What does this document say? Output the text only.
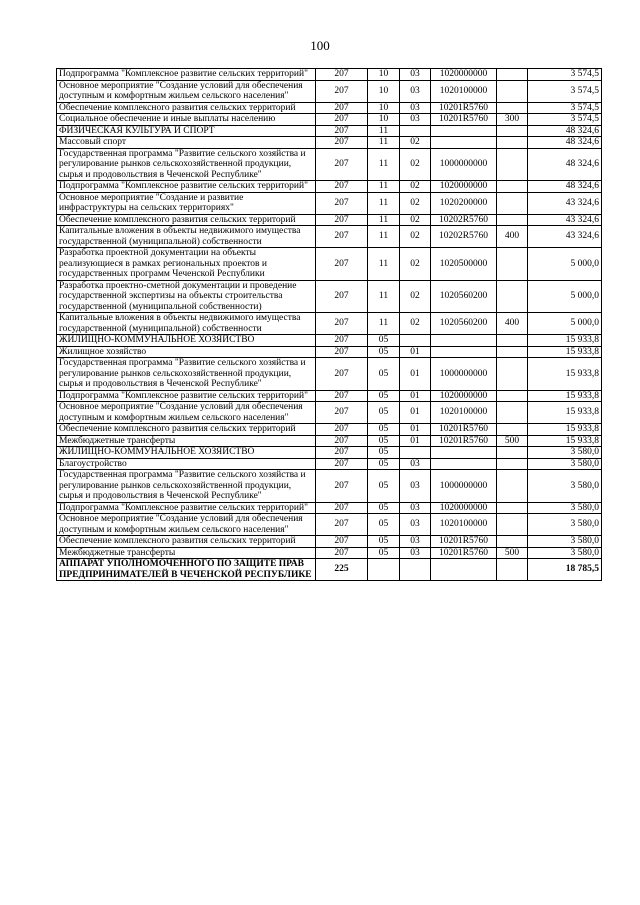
100
Подпрограмма "Комплексное развитие сельских территорий"	207	10	03	1020000000		3 574,5
Основное мероприятие "Создание условий для обеспечения доступным и комфортным жильем сельского населения"	207	10	03	1020100000		3 574,5
Обеспечение комплексного развития сельских территорий	207	10	03	10201R5760		3 574,5
Социальное обеспечение и иные выплаты населению	207	10	03	10201R5760	300	3 574,5
ФИЗИЧЕСКАЯ КУЛЬТУРА И СПОРТ	207	11				48 324,6
Массовый спорт	207	11	02			48 324,6
Государственная программа "Развитие сельского хозяйства и регулирование рынков сельскохозяйственной продукции, сырья и продовольствия в Чеченской Республике"	207	11	02	1000000000		48 324,6
Подпрограмма "Комплексное развитие сельских территорий"	207	11	02	1020000000		48 324,6
Основное мероприятие "Создание и развитие инфраструктуры на сельских территориях"	207	11	02	1020200000		43 324,6
Обеспечение комплексного развития сельских территорий	207	11	02	10202R5760		43 324,6
Капитальные вложения в объекты недвижимого имущества государственной (муниципальной) собственности	207	11	02	10202R5760	400	43 324,6
Разработка проектной документации на объекты реализующиеся в рамках региональных проектов и государственных программ Чеченской Республики	207	11	02	1020500000		5 000,0
Разработка проектно-сметной документации и проведение государственной экспертизы на объекты строительства государственной (муниципальной собственности)	207	11	02	1020560200		5 000,0
Капитальные вложения в объекты недвижимого имущества государственной (муниципальной) собственности	207	11	02	1020560200	400	5 000,0
ЖИЛИЩНО-КОММУНАЛЬНОЕ ХОЗЯЙСТВО	207	05				15 933,8
Жилищное хозяйство	207	05	01			15 933,8
Государственная программа "Развитие сельского хозяйства и регулирование рынков сельскохозяйственной продукции, сырья и продовольствия в Чеченской Республике"	207	05	01	1000000000		15 933,8
Подпрограмма "Комплексное развитие сельских территорий"	207	05	01	1020000000		15 933,8
Основное мероприятие "Создание условий для обеспечения доступным и комфортным жильем сельского населения"	207	05	01	1020100000		15 933,8
Обеспечение комплексного развития сельских территорий	207	05	01	10201R5760		15 933,8
Межбюджетные трансферты	207	05	01	10201R5760	500	15 933,8
ЖИЛИЩНО-КОММУНАЛЬНОЕ ХОЗЯЙСТВО	207	05				3 580,0
Благоустройство	207	05	03			3 580,0
Государственная программа "Развитие сельского хозяйства и регулирование рынков сельскохозяйственной продукции, сырья и продовольствия в Чеченской Республике"	207	05	03	1000000000		3 580,0
Подпрограмма "Комплексное развитие сельских территорий"	207	05	03	1020000000		3 580,0
Основное мероприятие "Создание условий для обеспечения доступным и комфортным жильем сельского населения"	207	05	03	1020100000		3 580,0
Обеспечение комплексного развития сельских территорий	207	05	03	10201R5760		3 580,0
Межбюджетные трансферты	207	05	03	10201R5760	500	3 580,0
АППАРАТ УПОЛНОМОЧЕННОГО ПО ЗАЩИТЕ ПРАВ ПРЕДПРИНИМАТЕЛЕЙ В ЧЕЧЕНСКОЙ РЕСПУБЛИКЕ	225					18 785,5
